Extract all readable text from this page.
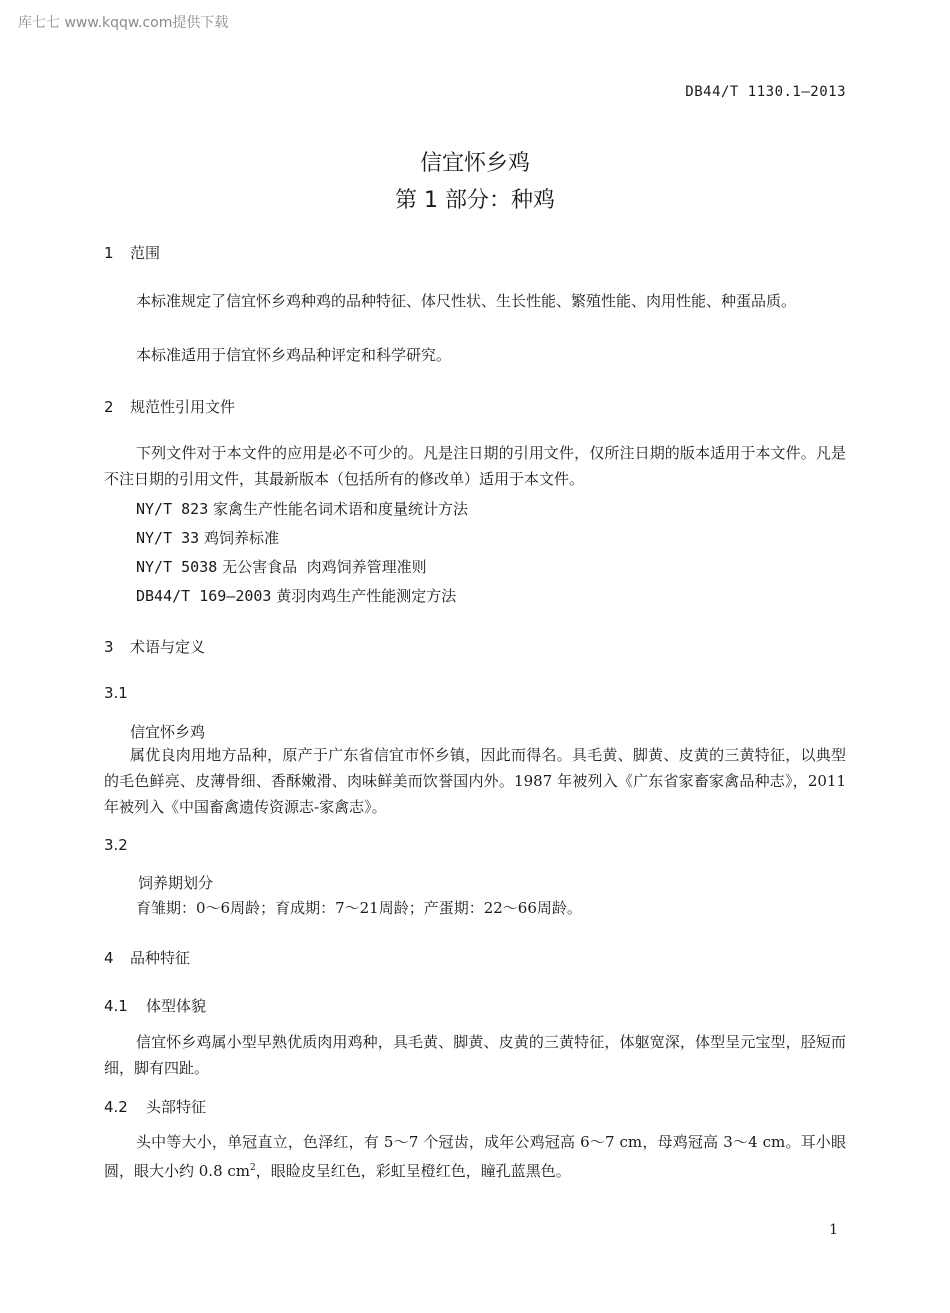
库七七 www.kqqw.com提供下载
DB44/T 1130.1—2013
信宜怀乡鸡
第 1 部分：种鸡
1 范围
本标准规定了信宜怀乡鸡种鸡的品种特征、体尺性状、生长性能、繁殖性能、肉用性能、种蛋品质。
本标准适用于信宜怀乡鸡品种评定和科学研究。
2 规范性引用文件
下列文件对于本文件的应用是必不可少的。凡是注日期的引用文件，仅所注日期的版本适用于本文件。凡是不注日期的引用文件，其最新版本（包括所有的修改单）适用于本文件。
NY/T 823 家禽生产性能名词术语和度量统计方法
NY/T 33 鸡饲养标准
NY/T 5038 无公害食品  肉鸡饲养管理准则
DB44/T 169—2003 黄羽肉鸡生产性能测定方法
3 术语与定义
3.1
信宜怀乡鸡
属优良肉用地方品种，原产于广东省信宜市怀乡镇，因此而得名。具毛黄、脚黄、皮黄的三黄特征，以典型的毛色鲜亮、皮薄骨细、香酥嫩滑、肉味鲜美而饮誉国内外。1987 年被列入《广东省家畜家禽品种志》，2011 年被列入《中国畜禽遗传资源志-家禽志》。
3.2
饲养期划分
育雏期：0～6周龄；育成期：7～21周龄；产蛋期：22～66周龄。
4 品种特征
4.1 体型体貌
信宜怀乡鸡属小型早熟优质肉用鸡种，具毛黄、脚黄、皮黄的三黄特征，体躯宽深，体型呈元宝型，胫短而细，脚有四趾。
4.2 头部特征
头中等大小，单冠直立，色泽红，有 5～7 个冠齿，成年公鸡冠高 6～7 cm，母鸡冠高 3～4 cm。耳小眼圆，眼大小约 0.8 $cm^2$，眼睑皮呈红色，彩虹呈橙红色，瞳孔蓝黑色。
1
